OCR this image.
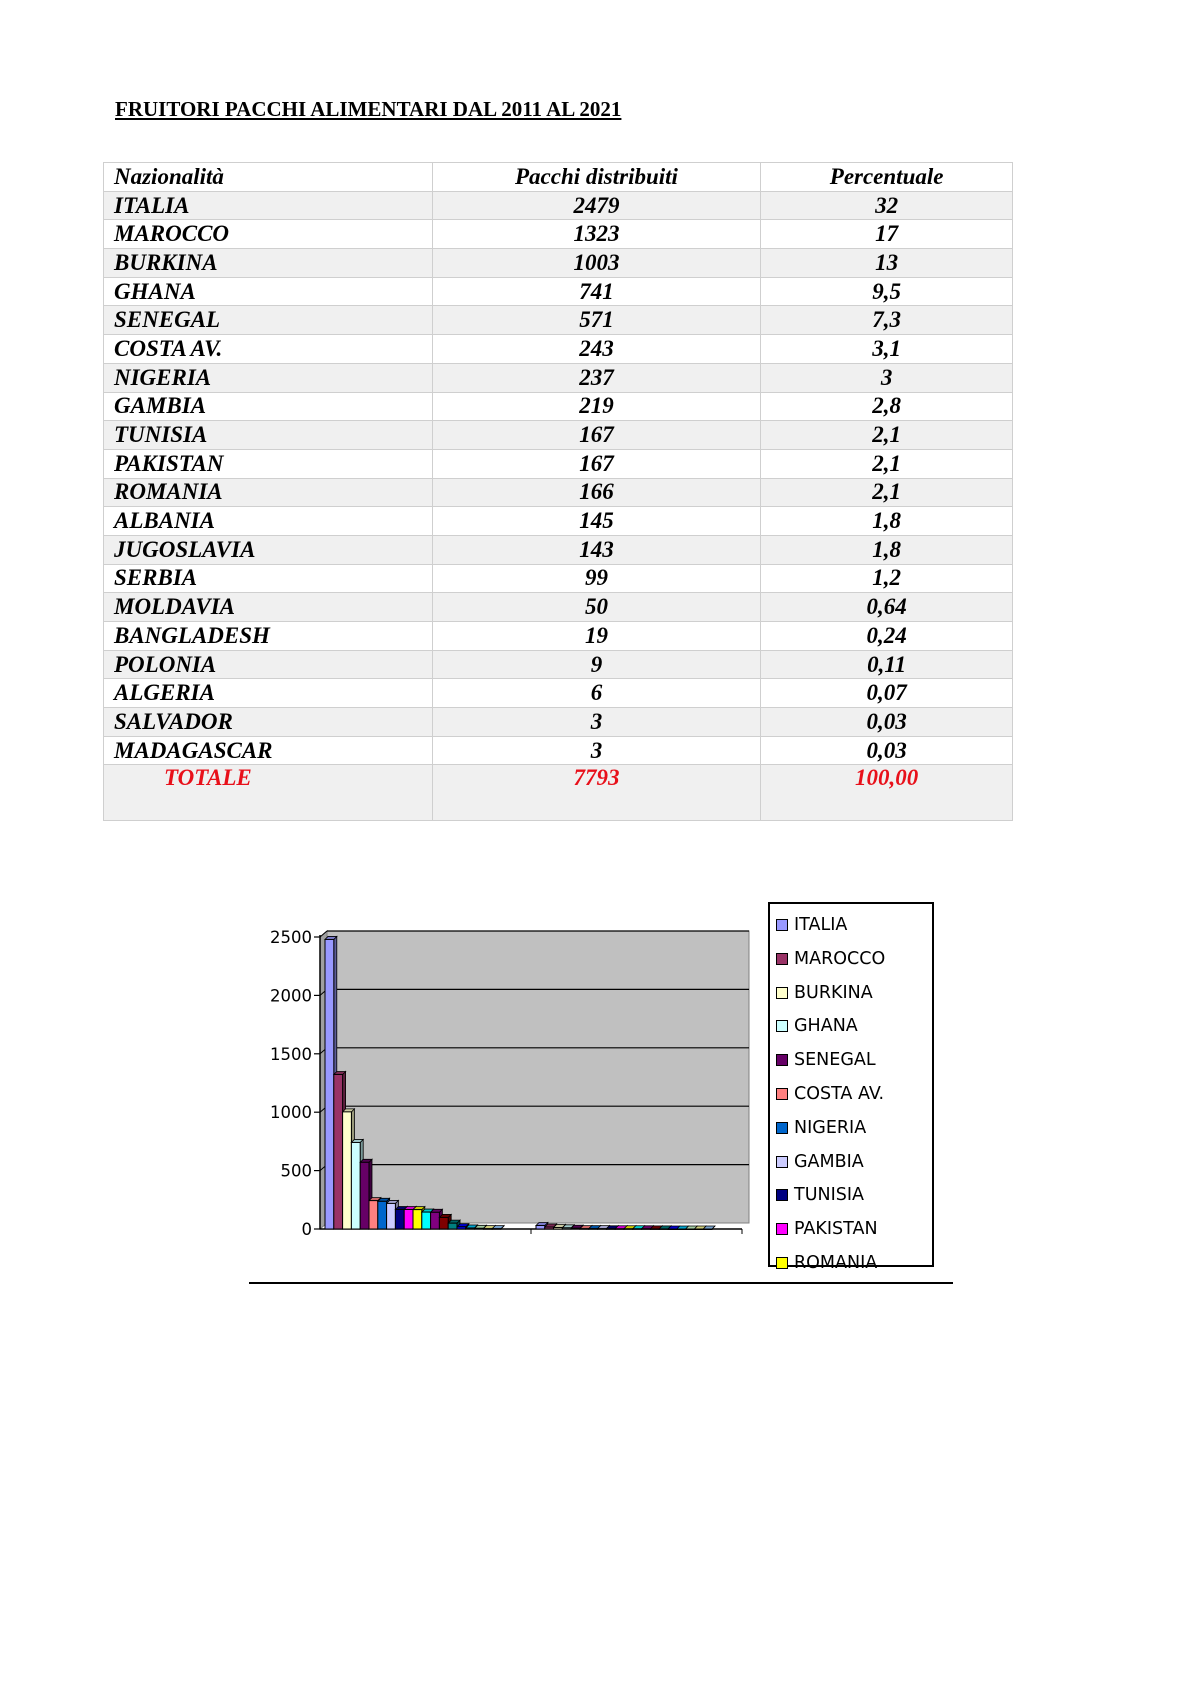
FRUITORI PACCHI ALIMENTARI DAL 2011 AL 2021
Nazionalità	Pacchi distribuiti	Percentuale
ITALIA	2479	32
MAROCCO	1323	17
BURKINA	1003	13
GHANA	741	9,5
SENEGAL	571	7,3
COSTA AV.	243	3,1
NIGERIA	237	3
GAMBIA	219	2,8
TUNISIA	167	2,1
PAKISTAN	167	2,1
ROMANIA	166	2,1
ALBANIA	145	1,8
JUGOSLAVIA	143	1,8
SERBIA	99	1,2
MOLDAVIA	50	0,64
BANGLADESH	19	0,24
POLONIA	9	0,11
ALGERIA	6	0,07
SALVADOR	3	0,03
MADAGASCAR	3	0,03
TOTALE	7793	100,00
0
500
1000
1500
2000
2500
ITALIA
MAROCCO
BURKINA
GHANA
SENEGAL
COSTA AV.
NIGERIA
GAMBIA
TUNISIA
PAKISTAN
ROMANIA
